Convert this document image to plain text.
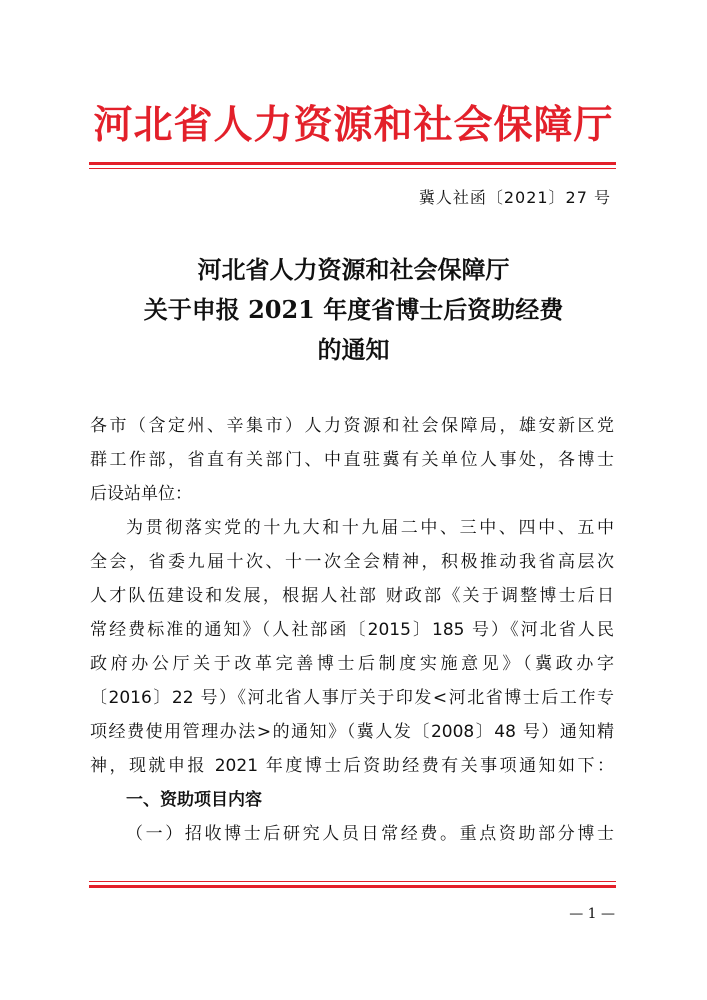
河北省人力资源和社会保障厅
冀人社函〔2021〕27 号
河北省人力资源和社会保障厅
关于申报 2021 年度省博士后资助经费
的通知
各市（含定州、辛集市）人力资源和社会保障局，雄安新区党
群工作部，省直有关部门、中直驻冀有关单位人事处，各博士
后设站单位：
为贯彻落实党的十九大和十九届二中、三中、四中、五中
全会，省委九届十次、十一次全会精神，积极推动我省高层次
人才队伍建设和发展，根据人社部 财政部《关于调整博士后日
常经费标准的通知》（人社部函〔2015〕185 号）《河北省人民
政府办公厅关于改革完善博士后制度实施意见》（冀政办字
〔2016〕22 号）《河北省人事厅关于印发<河北省博士后工作专
项经费使用管理办法>的通知》（冀人发〔2008〕48 号）通知精
神，现就申报 2021 年度博士后资助经费有关事项通知如下：
一、资助项目内容
（一）招收博士后研究人员日常经费。重点资助部分博士
— 1 —
